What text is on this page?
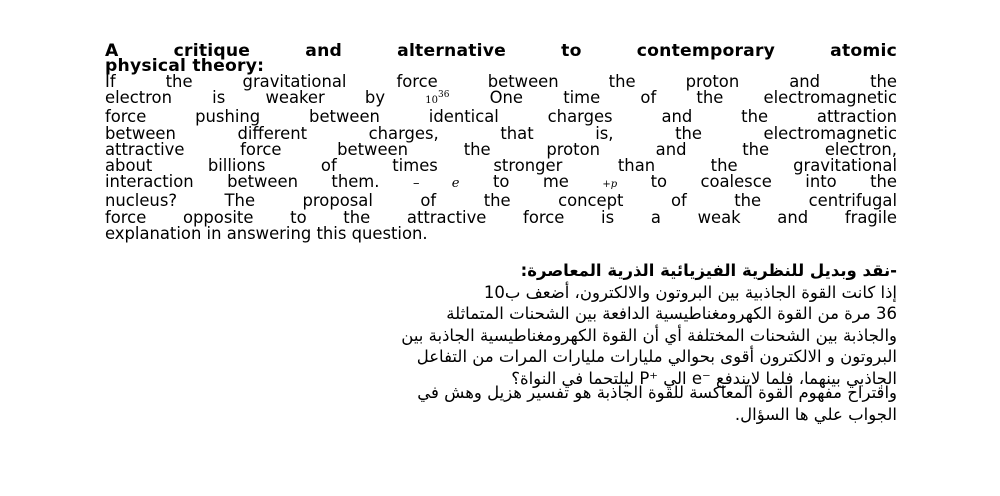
A critique and alternative to contemporary atomic
physical theory:
If the gravitational force between the proton and the
electron is weaker by $10^{36}$ One time of the electromagnetic
force pushing between identical charges and the attraction
between different charges, that is, the electromagnetic
attractive force between the proton and the electron,
about billions of times stronger than the gravitational
interaction between them. – e to me +p to coalesce into the
nucleus? The proposal of the concept of the centrifugal
force opposite to the attractive force is a weak and fragile
explanation in answering this question.
-نقد وبديل للنظرية الفيزيائية الذرية المعاصرة:
إذا كانت القوة الجاذبية بين البروتون والالكترون، أضعف ب10
36 مرة من القوة الكهرومغناطيسية الدافعة بين الشحنات المتماثلة
والجاذبة بين الشحنات المختلفة أي أن القوة الكهرومغناطيسية الجاذبة بين
البروتون و الالكترون أقوى بحوالي مليارات مليارات المرات من التفاعل
الجاذبي بينهما، فلما لايندفع ‎e⁻‎ الي ‎P⁺‎ ليلتحما في النواة؟
واقتراح مفهوم القوة المعاكسة للقوة الجاذبة هو تفسير هزيل وهش في
الجواب علي ها السؤال.
